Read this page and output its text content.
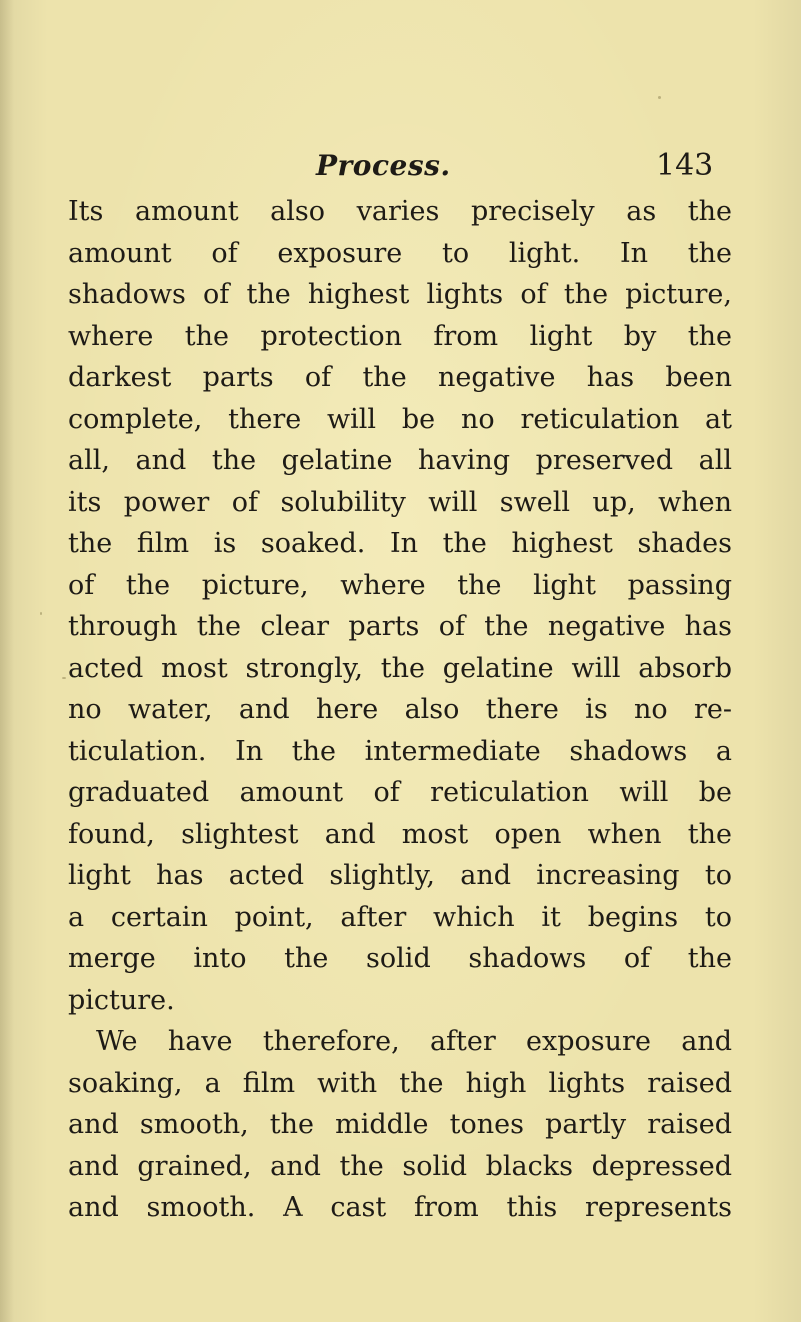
Process.	143
Its amount also varies precisely as the
amount of exposure to light. In the
shadows of the highest lights of the picture,
where the protection from light by the
darkest parts of the negative has been
complete, there will be no reticulation at
all, and the gelatine having preserved all
its power of solubility will swell up, when
the film is soaked. In the highest shades
of the picture, where the light passing
through the clear parts of the negative has
acted most strongly, the gelatine will absorb
no water, and here also there is no re-
ticulation. In the intermediate shadows a
graduated amount of reticulation will be
found, slightest and most open when the
light has acted slightly, and increasing to
a certain point, after which it begins to
merge into the solid shadows of the
picture.
We have therefore, after exposure and
soaking, a film with the high lights raised
and smooth, the middle tones partly raised
and grained, and the solid blacks depressed
and smooth. A cast from this represents
